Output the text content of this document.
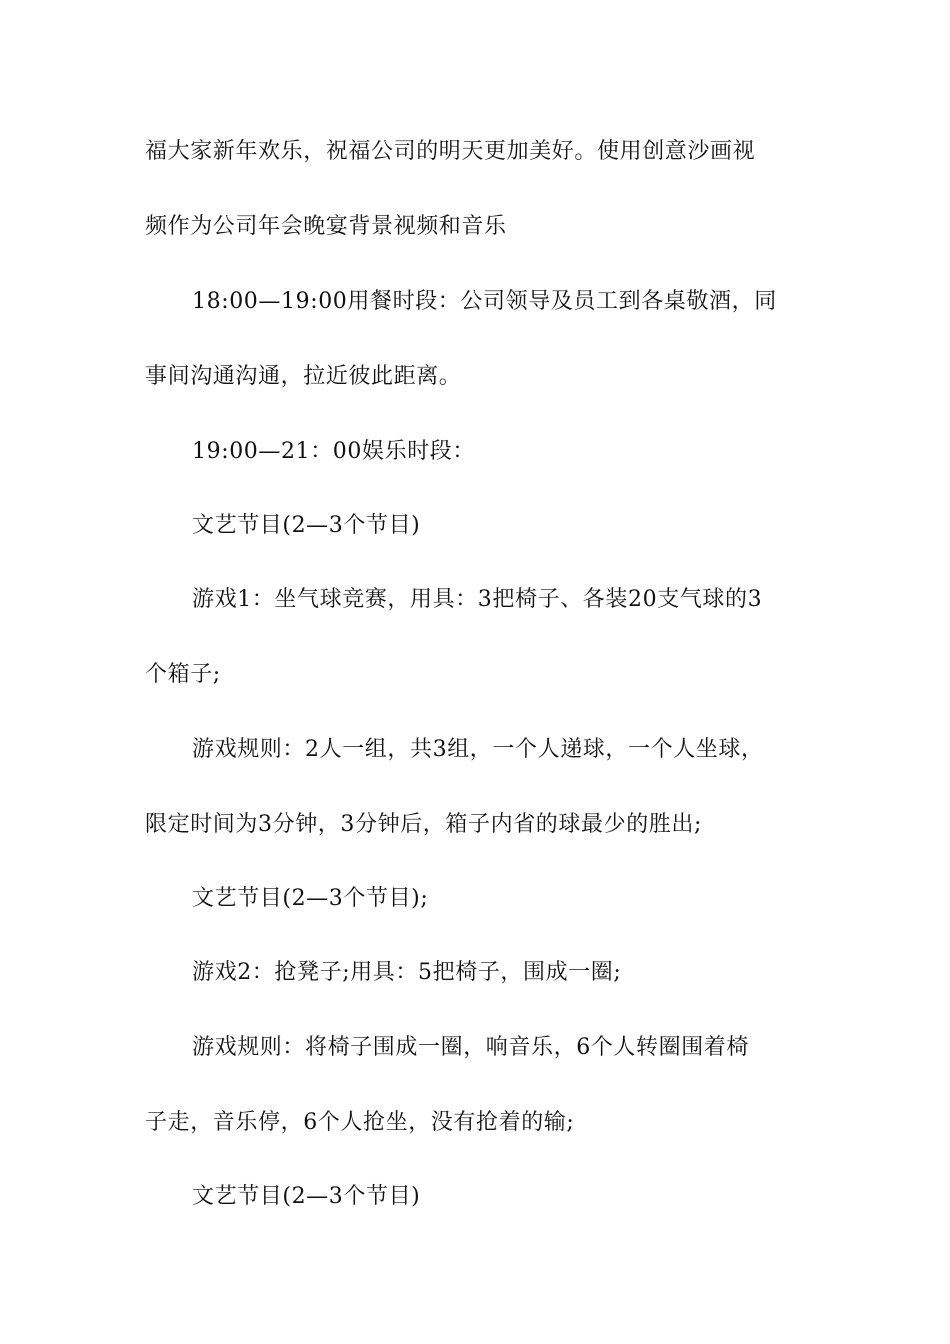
福大家新年欢乐，祝福公司的明天更加美好。使用创意沙画视
频作为公司年会晚宴背景视频和音乐
18:00—19:00用餐时段：公司领导及员工到各桌敬酒，同
事间沟通沟通，拉近彼此距离。
19:00—21：00娱乐时段：
文艺节目(2—3个节目)
游戏1：坐气球竞赛，用具：3把椅子、各装20支气球的3
个箱子;
游戏规则：2人一组，共3组，一个人递球，一个人坐球，
限定时间为3分钟，3分钟后，箱子内省的球最少的胜出;
文艺节目(2—3个节目);
游戏2：抢凳子;用具：5把椅子，围成一圈;
游戏规则：将椅子围成一圈，响音乐，6个人转圈围着椅
子走，音乐停，6个人抢坐，没有抢着的输;
文艺节目(2—3个节目)
